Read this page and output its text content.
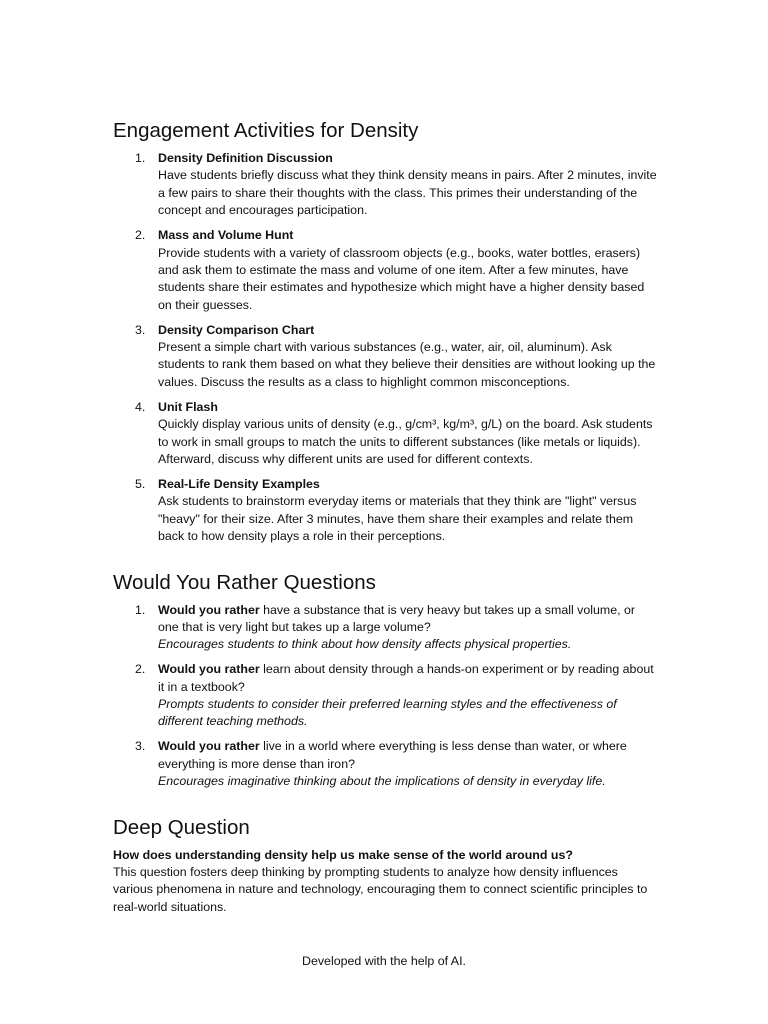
Engagement Activities for Density
1. Density Definition Discussion
Have students briefly discuss what they think density means in pairs. After 2 minutes, invite a few pairs to share their thoughts with the class. This primes their understanding of the concept and encourages participation.
2. Mass and Volume Hunt
Provide students with a variety of classroom objects (e.g., books, water bottles, erasers) and ask them to estimate the mass and volume of one item. After a few minutes, have students share their estimates and hypothesize which might have a higher density based on their guesses.
3. Density Comparison Chart
Present a simple chart with various substances (e.g., water, air, oil, aluminum). Ask students to rank them based on what they believe their densities are without looking up the values. Discuss the results as a class to highlight common misconceptions.
4. Unit Flash
Quickly display various units of density (e.g., g/cm³, kg/m³, g/L) on the board. Ask students to work in small groups to match the units to different substances (like metals or liquids). Afterward, discuss why different units are used for different contexts.
5. Real-Life Density Examples
Ask students to brainstorm everyday items or materials that they think are "light" versus "heavy" for their size. After 3 minutes, have them share their examples and relate them back to how density plays a role in their perceptions.
Would You Rather Questions
1. Would you rather have a substance that is very heavy but takes up a small volume, or one that is very light but takes up a large volume?
Encourages students to think about how density affects physical properties.
2. Would you rather learn about density through a hands-on experiment or by reading about it in a textbook?
Prompts students to consider their preferred learning styles and the effectiveness of different teaching methods.
3. Would you rather live in a world where everything is less dense than water, or where everything is more dense than iron?
Encourages imaginative thinking about the implications of density in everyday life.
Deep Question
How does understanding density help us make sense of the world around us?
This question fosters deep thinking by prompting students to analyze how density influences various phenomena in nature and technology, encouraging them to connect scientific principles to real-world situations.
Developed with the help of AI.
